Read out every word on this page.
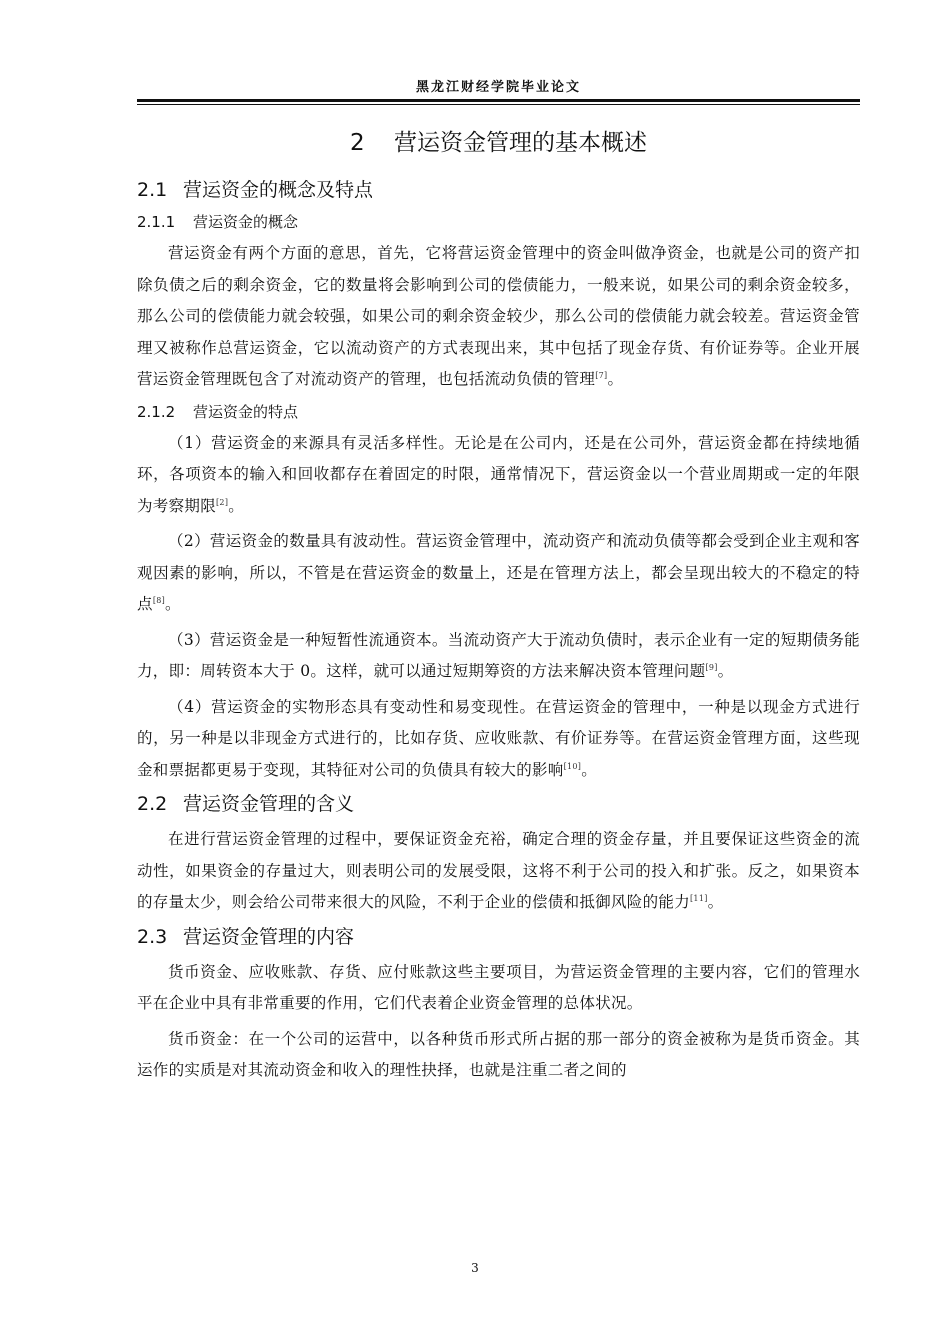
黑龙江财经学院毕业论文
2 营运资金管理的基本概述
2.1 营运资金的概念及特点
2.1.1 营运资金的概念

营运资金有两个方面的意思，首先，它将营运资金管理中的资金叫做净资金，也就是公司的资产扣除负债之后的剩余资金，它的数量将会影响到公司的偿债能力，一般来说，如果公司的剩余资金较多，那么公司的偿债能力就会较强，如果公司的剩余资金较少，那么公司的偿债能力就会较差。营运资金管理又被称作总营运资金，它以流动资产的方式表现出来，其中包括了现金存货、有价证券等。企业开展营运资金管理既包含了对流动资产的管理，也包括流动负债的管理[7]。

2.1.2 营运资金的特点

（1）营运资金的来源具有灵活多样性。无论是在公司内，还是在公司外，营运资金都在持续地循环，各项资本的输入和回收都存在着固定的时限，通常情况下，营运资金以一个营业周期或一定的年限为考察期限[2]。

（2）营运资金的数量具有波动性。营运资金管理中，流动资产和流动负债等都会受到企业主观和客观因素的影响，所以，不管是在营运资金的数量上，还是在管理方法上，都会呈现出较大的不稳定的特点[8]。

（3）营运资金是一种短暂性流通资本。当流动资产大于流动负债时，表示企业有一定的短期债务能力，即：周转资本大于 0。这样，就可以通过短期筹资的方法来解决资本管理问题[9]。

（4）营运资金的实物形态具有变动性和易变现性。在营运资金的管理中，一种是以现金方式进行的，另一种是以非现金方式进行的，比如存货、应收账款、有价证券等。在营运资金管理方面，这些现金和票据都更易于变现，其特征对公司的负债具有较大的影响[10]。

2.2 营运资金管理的含义

在进行营运资金管理的过程中，要保证资金充裕，确定合理的资金存量，并且要保证这些资金的流动性，如果资金的存量过大，则表明公司的发展受限，这将不利于公司的投入和扩张。反之，如果资本的存量太少，则会给公司带来很大的风险，不利于企业的偿债和抵御风险的能力[11]。

2.3 营运资金管理的内容

货币资金、应收账款、存货、应付账款这些主要项目，为营运资金管理的主要内容，它们的管理水平在企业中具有非常重要的作用，它们代表着企业资金管理的总体状况。

货币资金：在一个公司的运营中，以各种货币形式所占据的那一部分的资金被称为是货币资金。其运作的实质是对其流动资金和收入的理性抉择，也就是注重二者之间的

3
